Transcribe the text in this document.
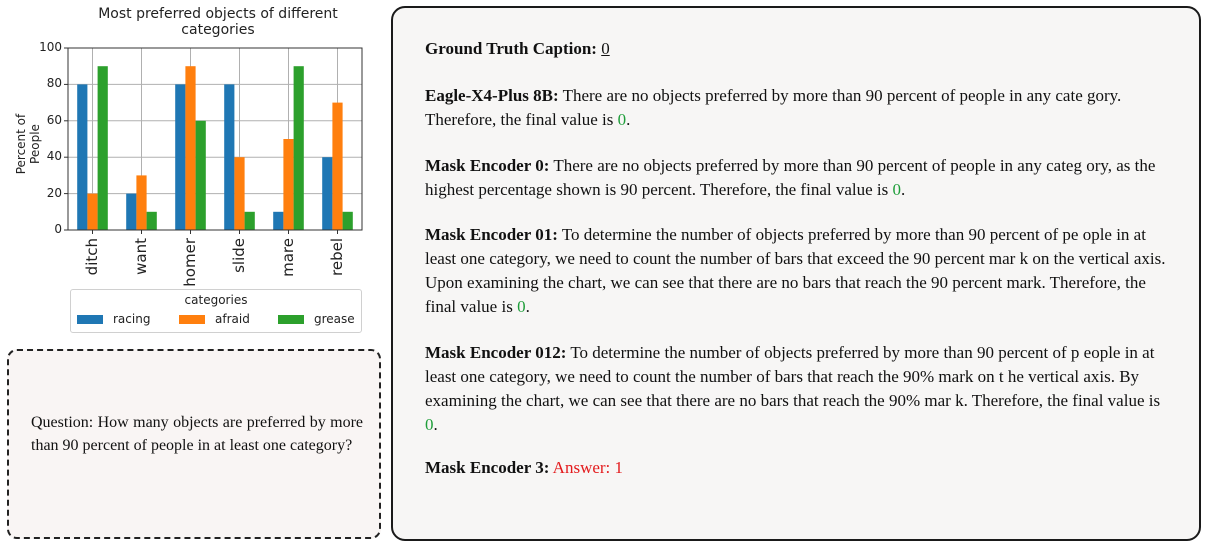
Most preferred objects of different categories
Percent of People
0
20
40
60
80
100
ditch want homer slide mare rebel
categories
racing	afraid	grease
Question: How many objects are preferred by more than 90 percent of people in at least one category?
Ground Truth Caption: 0
Eagle-X4-Plus 8B: There are no objects preferred by more than 90 percent of people in any cate gory. Therefore, the final value is 0.
Mask Encoder 0: There are no objects preferred by more than 90 percent of people in any categ ory, as the highest percentage shown is 90 percent. Therefore, the final value is 0.
Mask Encoder 01: To determine the number of objects preferred by more than 90 percent of pe ople in at least one category, we need to count the number of bars that exceed the 90 percent mar k on the vertical axis. Upon examining the chart, we can see that there are no bars that reach the 90 percent mark. Therefore, the final value is 0.
Mask Encoder 012: To determine the number of objects preferred by more than 90 percent of p eople in at least one category, we need to count the number of bars that reach the 90% mark on t he vertical axis. By examining the chart, we can see that there are no bars that reach the 90% mar k. Therefore, the final value is 0.
Mask Encoder 3: Answer: 1
